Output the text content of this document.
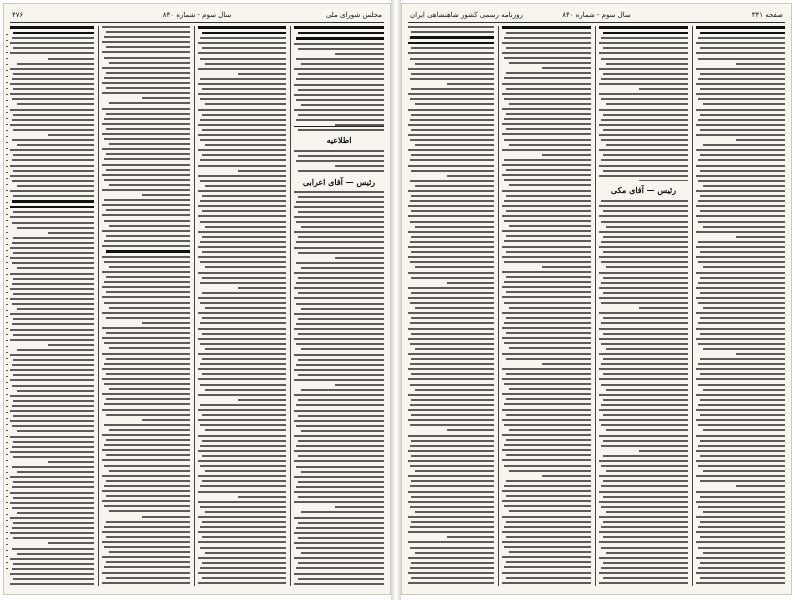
مجلس شورای ملی
سال سوم - شماره ۸۴۰
۴۷۶
اطلاعیه
رئیس — آقای اعرابی
صفحه ۳۴۱
سال سوم - شماره ۸۴۰
روزنامه رسمی کشور شاهنشاهی ایران
رئیس — آقای مكی
